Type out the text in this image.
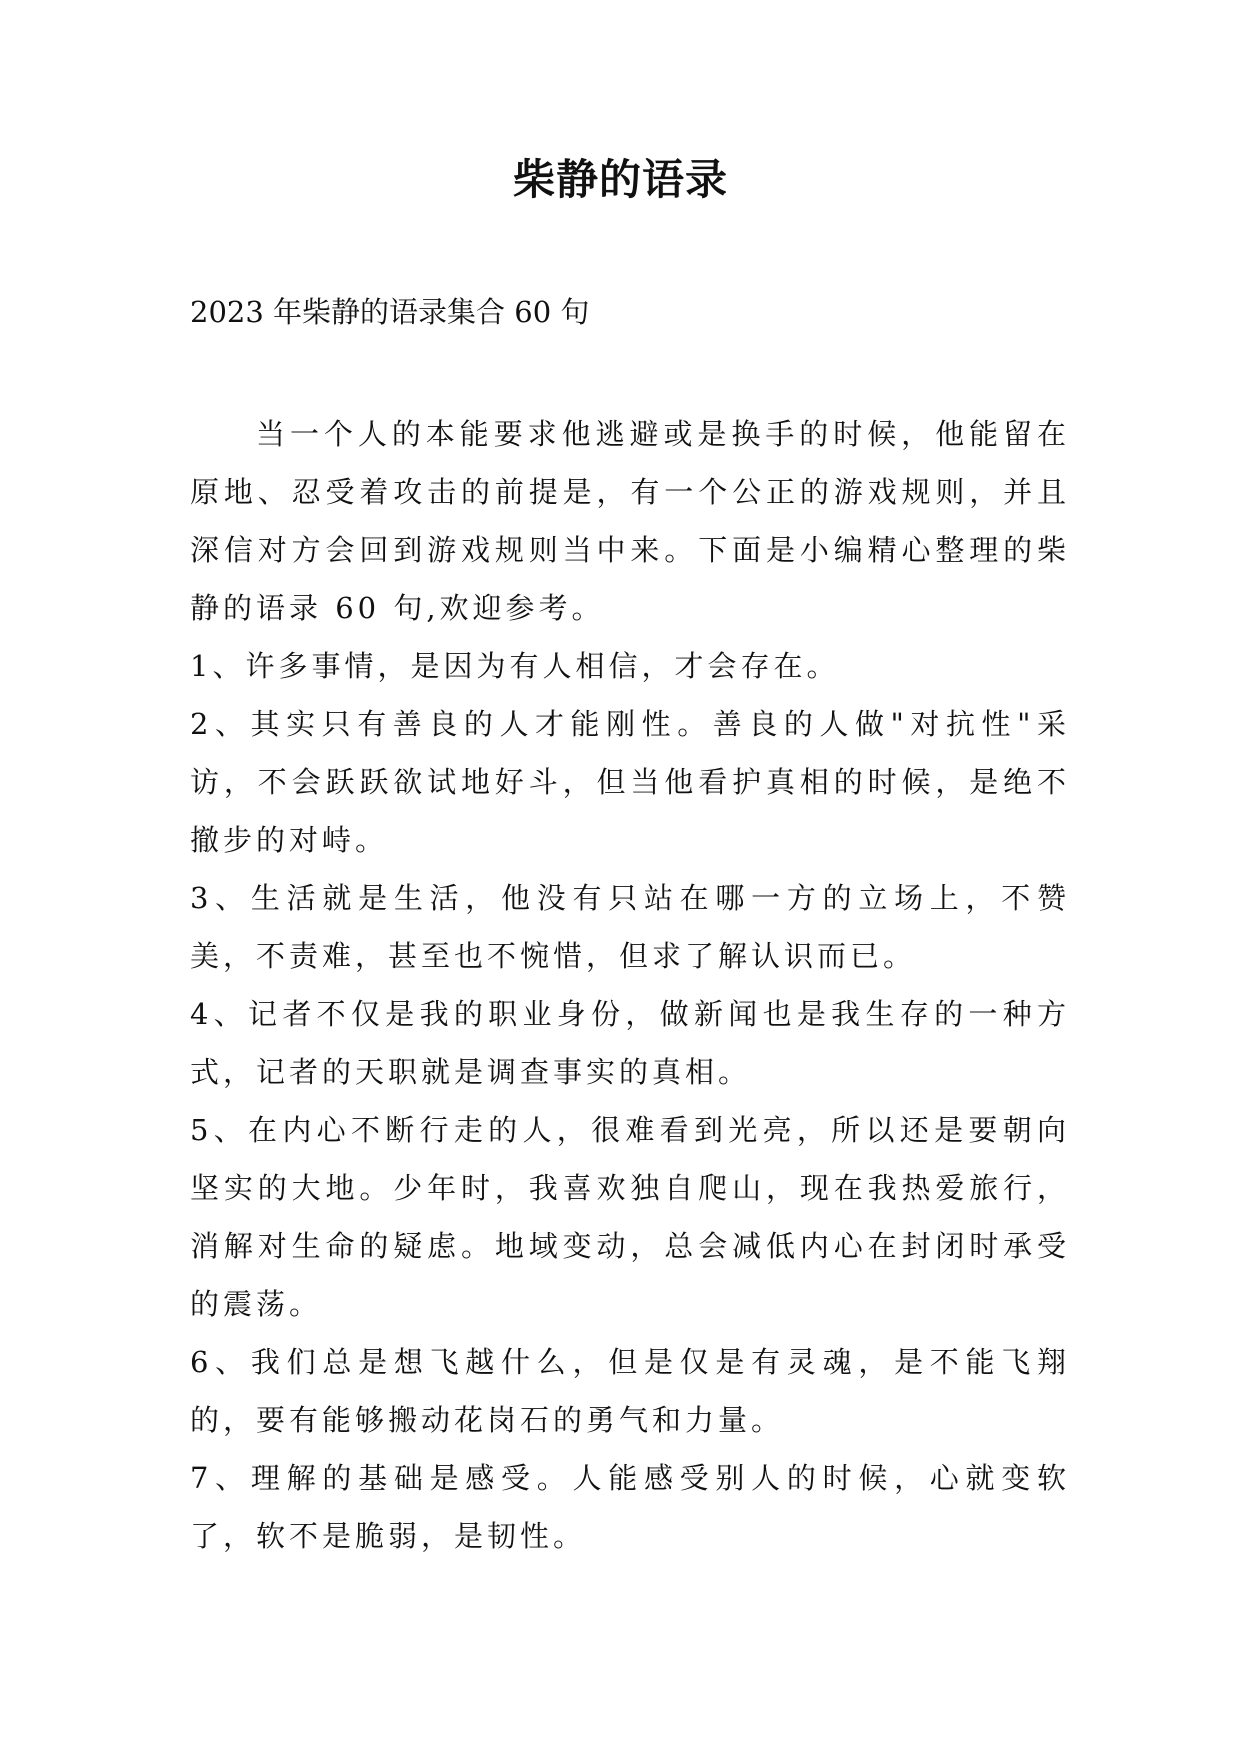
柴静的语录

2023 年柴静的语录集合 60 句

当一个人的本能要求他逃避或是换手的时候，他能留在原地、忍受着攻击的前提是，有一个公正的游戏规则，并且深信对方会回到游戏规则当中来。下面是小编精心整理的柴静的语录 60 句,欢迎参考。

1、许多事情，是因为有人相信，才会存在。

2、其实只有善良的人才能刚性。善良的人做"对抗性"采访，不会跃跃欲试地好斗，但当他看护真相的时候，是绝不撤步的对峙。

3、生活就是生活，他没有只站在哪一方的立场上，不赞美，不责难，甚至也不惋惜，但求了解认识而已。

4、记者不仅是我的职业身份，做新闻也是我生存的一种方式，记者的天职就是调查事实的真相。

5、在内心不断行走的人，很难看到光亮，所以还是要朝向坚实的大地。少年时，我喜欢独自爬山，现在我热爱旅行，消解对生命的疑虑。地域变动，总会减低内心在封闭时承受的震荡。

6、我们总是想飞越什么，但是仅是有灵魂，是不能飞翔的，要有能够搬动花岗石的勇气和力量。

7、理解的基础是感受。人能感受别人的时候，心就变软了，软不是脆弱，是韧性。
